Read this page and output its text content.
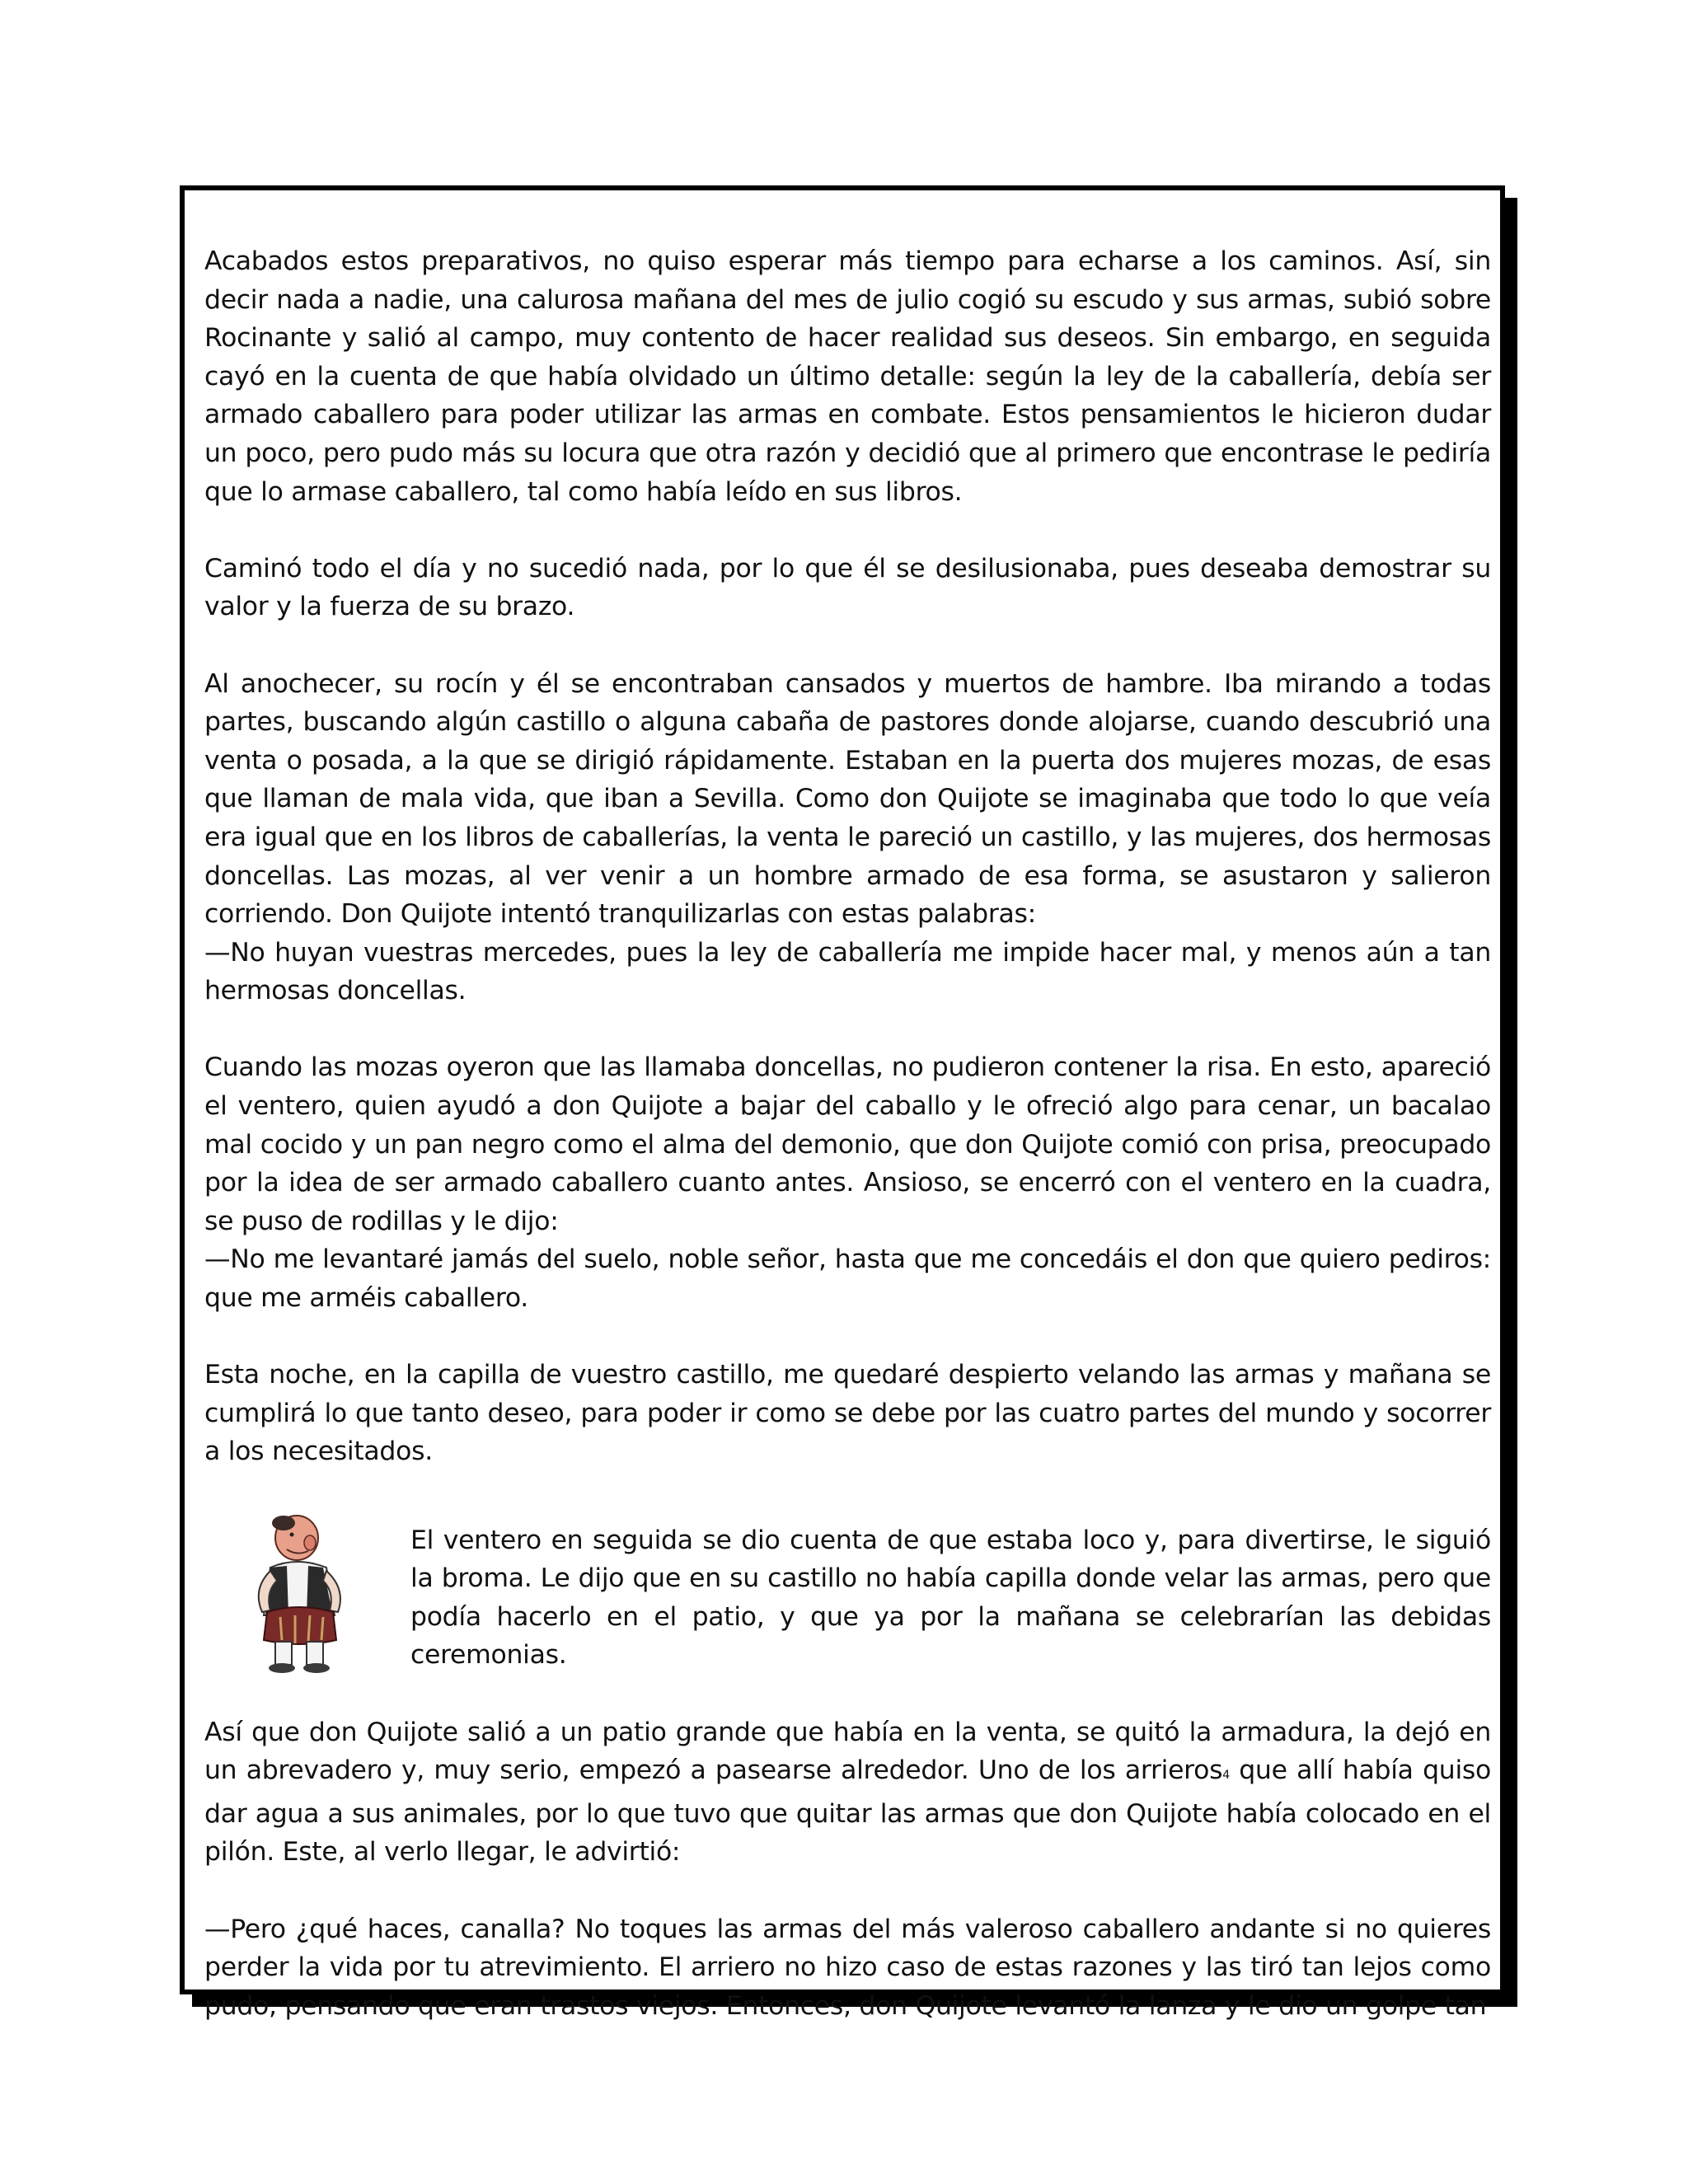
Acabados estos preparativos, no quiso esperar más tiempo para echarse a los caminos. Así, sin decir nada a nadie, una calurosa mañana del mes de julio cogió su escudo y sus armas, subió sobre Rocinante y salió al campo, muy contento de hacer realidad sus deseos. Sin embargo, en seguida cayó en la cuenta de que había olvidado un último detalle: según la ley de la caballería, debía ser armado caballero para poder utilizar las armas en combate. Estos pensamientos le hicieron dudar un poco, pero pudo más su locura que otra razón y decidió que al primero que encontrase le pediría que lo armase caballero, tal como había leído en sus libros.

Caminó todo el día y no sucedió nada, por lo que él se desilusionaba, pues deseaba demostrar su valor y la fuerza de su brazo.

Al anochecer, su rocín y él se encontraban cansados y muertos de hambre. Iba mirando a todas partes, buscando algún castillo o alguna cabaña de pastores donde alojarse, cuando descubrió una venta o posada, a la que se dirigió rápidamente. Estaban en la puerta dos mujeres mozas, de esas que llaman de mala vida, que iban a Sevilla. Como don Quijote se imaginaba que todo lo que veía era igual que en los libros de caballerías, la venta le pareció un castillo, y las mujeres, dos hermosas doncellas. Las mozas, al ver venir a un hombre armado de esa forma, se asustaron y salieron corriendo. Don Quijote intentó tranquilizarlas con estas palabras:

—No huyan vuestras mercedes, pues la ley de caballería me impide hacer mal, y menos aún a tan hermosas doncellas.

Cuando las mozas oyeron que las llamaba doncellas, no pudieron contener la risa. En esto, apareció el ventero, quien ayudó a don Quijote a bajar del caballo y le ofreció algo para cenar, un bacalao mal cocido y un pan negro como el alma del demonio, que don Quijote comió con prisa, preocupado por la idea de ser armado caballero cuanto antes. Ansioso, se encerró con el ventero en la cuadra, se puso de rodillas y le dijo:

—No me levantaré jamás del suelo, noble señor, hasta que me concedáis el don que quiero pediros: que me arméis caballero.

Esta noche, en la capilla de vuestro castillo, me quedaré despierto velando las armas y mañana se cumplirá lo que tanto deseo, para poder ir como se debe por las cuatro partes del mundo y socorrer a los necesitados.

El ventero en seguida se dio cuenta de que estaba loco y, para divertirse, le siguió la broma. Le dijo que en su castillo no había capilla donde velar las armas, pero que podía hacerlo en el patio, y que ya por la mañana se celebrarían las debidas ceremonias.

Así que don Quijote salió a un patio grande que había en la venta, se quitó la armadura, la dejó en un abrevadero y, muy serio, empezó a pasearse alrededor. Uno de los arrieros4 que allí había quiso dar agua a sus animales, por lo que tuvo que quitar las armas que don Quijote había colocado en el pilón. Este, al verlo llegar, le advirtió:

—Pero ¿qué haces, canalla? No toques las armas del más valeroso caballero andante si no quieres perder la vida por tu atrevimiento. El arriero no hizo caso de estas razones y las tiró tan lejos como pudo, pensando que eran trastos viejos. Entonces, don Quijote levantó la lanza y le dio un golpe tan
